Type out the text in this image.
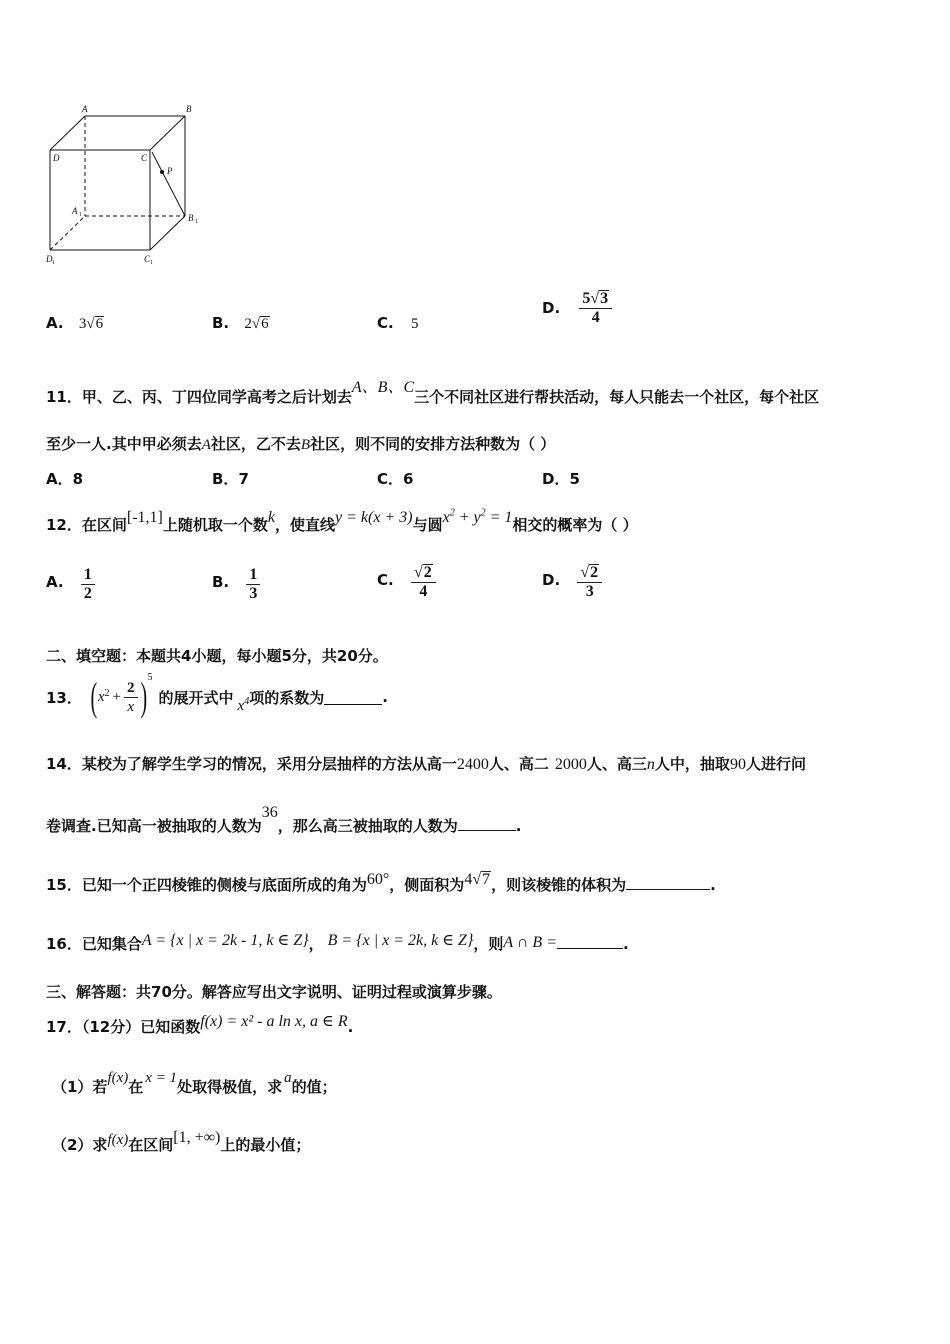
A	B
C
D
P
A
B
C
D
1
1
1
1
A. 3√6	B. 2√6	C. 5
D. $\frac{5√3}{4}$
11．甲、乙、丙、丁四位同学高考之后计划去A、B、C三个不同社区进行帮扶活动，每人只能去一个社区，每个社区
至少一人.其中甲必须去A社区，乙不去B社区，则不同的安排方法种数为（ ）
A．8	B．7	C．6	D．5
12．在区间[-1,1]上随机取一个数k，使直线y = k(x + 3)与圆$x^2 + y^2 = 1$相交的概率为（ ）
A. $\frac{1}{2}$	B. $\frac{1}{3}$	C. $\frac{√2}{4}$	D. $\frac{√2}{3}$
二、填空题：本题共4小题，每小题5分，共20分。
13． ( $x^2 + \frac{2}{x}$ ) 5
的展开式中 $x^4$ 项的系数为	.
14．某校为了解学生学习的情况，采用分层抽样的方法从高一2400人、高二 2000人、高三n人中，抽取90人进行问
卷调查.已知高一被抽取的人数为36，那么高三被抽取的人数为	.
15．已知一个正四棱锥的侧棱与底面所成的角为60°，侧面积为4√7，则该棱锥的体积为	.
16．已知集合A = {x | x = 2k - 1, k ∈ Z}， B = {x | x = 2k, k ∈ Z}，则A ∩ B =	.
三、解答题：共70分。解答应写出文字说明、证明过程或演算步骤。
17．（12分）已知函数f(x) = x² - a ln x, a ∈ R.
（1）若f(x)在 x = 1处取得极值，求 a的值；
（2）求f(x)在区间[1, +∞)上的最小值；
